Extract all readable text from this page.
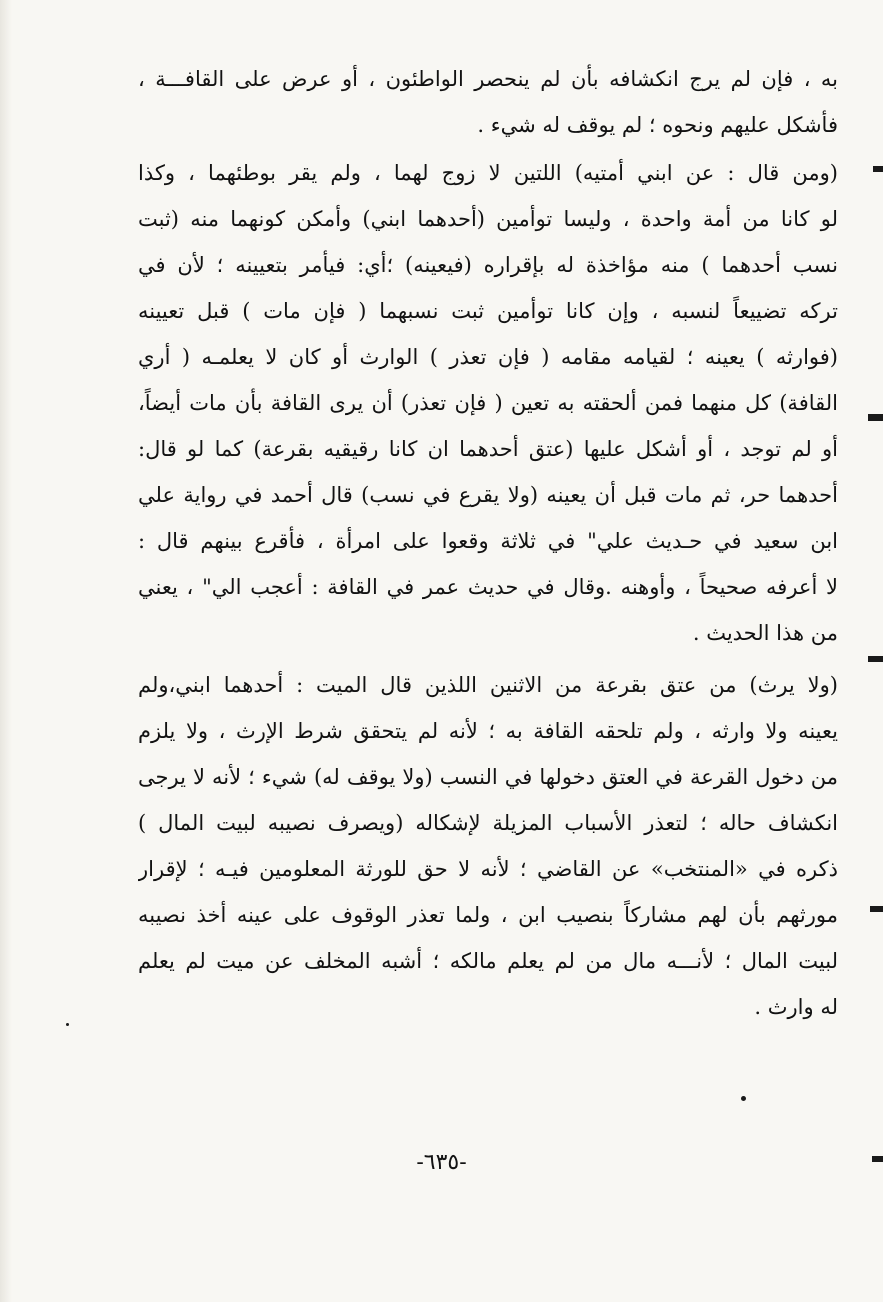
به ، فإن لم يرج انكشافه بأن لم ينحصر الواطئون ، أو عرض على القافـــة ،
فأشكل عليهم ونحوه ؛ لم يوقف له شيء .
(ومن قال : عن ابني أمتيه) اللتين لا زوج لهما ، ولم يقر بوطئهما ، وكذا
لو كانا من أمة واحدة ، وليسا توأمين (أحدهما ابني) وأمكن كونهما منه (ثبت
نسب أحدهما ) منه مؤاخذة له بإقراره (فيعينه) ؛أي: فيأمر بتعيينه ؛ لأن في
تركه تضييعاً لنسبه ، وإن كانا توأمين ثبت نسبهما ( فإن مات ) قبل تعيينه
(فوارثه ) يعينه ؛ لقيامه مقامه ( فإن تعذر ) الوارث أو كان لا يعلمـه ( أري
القافة) كل منهما فمن ألحقته به تعين ( فإن تعذر) أن يرى القافة بأن مات أيضاً،
أو لم توجد ، أو أشكل عليها (عتق أحدهما ان كانا رقيقيه بقرعة) كما لو قال:
أحدهما حر، ثم مات قبل أن يعينه (ولا يقرع في نسب) قال أحمد في رواية علي
ابن سعيد في حـديث علي" في ثلاثة وقعوا على امرأة ، فأقرع بينهم قال :
لا أعرفه صحيحاً ، وأوهنه .وقال في حديث عمر في القافة : أعجب الي" ، يعني
من هذا الحديث .
(ولا يرث) من عتق بقرعة من الاثنين اللذين قال الميت : أحدهما ابني،ولم
يعينه ولا وارثه ، ولم تلحقه القافة به ؛ لأنه لم يتحقق شرط الإرث ، ولا يلزم
من دخول القرعة في العتق دخولها في النسب (ولا يوقف له) شيء ؛ لأنه لا يرجى
انكشاف حاله ؛ لتعذر الأسباب المزيلة لإشكاله (ويصرف نصيبه لبيت المال )
ذكره في «المنتخب» عن القاضي ؛ لأنه لا حق للورثة المعلومين فيـه ؛ لإقرار
مورثهم بأن لهم مشاركاً بنصيب ابن ، ولما تعذر الوقوف على عينه أخذ نصيبه
لبيت المال ؛ لأنـــه مال من لم يعلم مالكه ؛ أشبه المخلف عن ميت لم يعلم
له وارث .
-٦٣٥-
